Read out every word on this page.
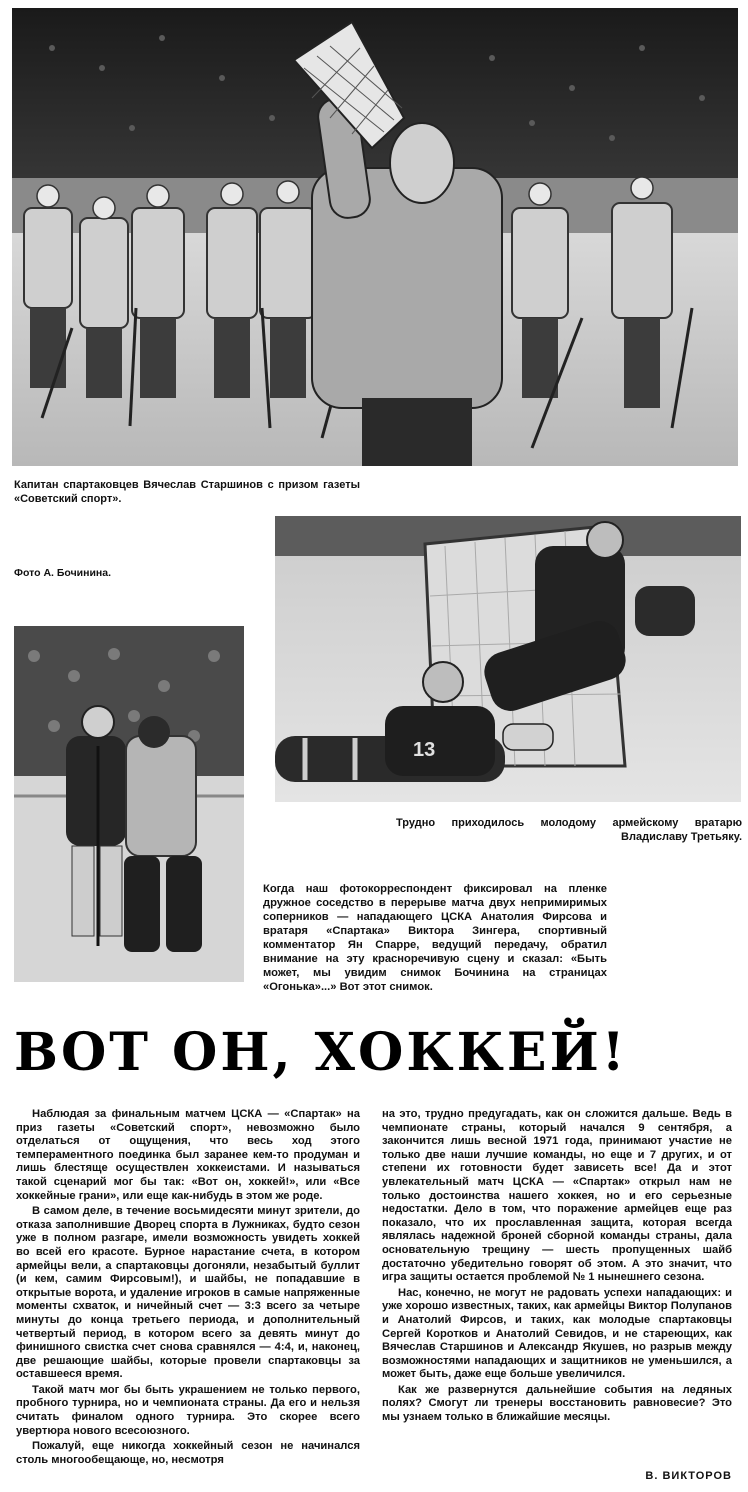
Капитан спартаковцев Вячеслав Старшинов с призом газеты «Советский спорт».
Фото А. Бочинина.
13
Трудно приходилось молодому армейскому вратарю Владиславу Третьяку.
Когда наш фотокорреспондент фиксировал на пленке дружное соседство в перерыве матча двух непримиримых соперников — нападающего ЦСКА Анатолия Фирсова и вратаря «Спартака» Виктора Зингера, спортивный комментатор Ян Спарре, ведущий передачу, обратил внимание на эту красноречивую сцену и сказал: «Быть может, мы увидим снимок Бочинина на страницах «Огонька»...» Вот этот снимок.
ВОТ ОН, ХОККЕЙ!

Наблюдая за финальным матчем ЦСКА — «Спартак» на приз газеты «Советский спорт», невозможно было отделаться от ощущения, что весь ход этого темпераментного поединка был заранее кем-то продуман и лишь блестяще осуществлен хоккеистами. И называться такой сценарий мог бы так: «Вот он, хоккей!», или «Все хоккейные грани», или еще как-нибудь в этом же роде.

В самом деле, в течение восьмидесяти минут зрители, до отказа заполнившие Дворец спорта в Лужниках, будто сезон уже в полном разгаре, имели возможность увидеть хоккей во всей его красоте. Бурное нарастание счета, в котором армейцы вели, а спартаковцы догоняли, незабытый буллит (и кем, самим Фирсовым!), и шайбы, не попадавшие в открытые ворота, и удаление игроков в самые напряженные моменты схваток, и ничейный счет — 3:3 всего за четыре минуты до конца третьего периода, и дополнительный четвертый период, в котором всего за девять минут до финишного свистка счет снова сравнялся — 4:4, и, наконец, две решающие шайбы, которые провели спартаковцы за оставшееся время.

Такой матч мог бы быть украшением не только первого, пробного турнира, но и чемпионата страны. Да его и нельзя считать финалом одного турнира. Это скорее всего увертюра нового всесоюзного.

Пожалуй, еще никогда хоккейный сезон не начинался столь многообещающе, но, несмотря

на это, трудно предугадать, как он сложится дальше. Ведь в чемпионате страны, который начался 9 сентября, а закончится лишь весной 1971 года, принимают участие не только две наши лучшие команды, но еще и 7 других, и от степени их готовности будет зависеть все! Да и этот увлекательный матч ЦСКА — «Спартак» открыл нам не только достоинства нашего хоккея, но и его серьезные недостатки. Дело в том, что поражение армейцев еще раз показало, что их прославленная защита, которая всегда являлась надежной броней сборной команды страны, дала основательную трещину — шесть пропущенных шайб достаточно убедительно говорят об этом. А это значит, что игра защиты остается проблемой № 1 нынешнего сезона.

Нас, конечно, не могут не радовать успехи нападающих: и уже хорошо известных, таких, как армейцы Виктор Полупанов и Анатолий Фирсов, и таких, как молодые спартаковцы Сергей Коротков и Анатолий Севидов, и не стареющих, как Вячеслав Старшинов и Александр Якушев, но разрыв между возможностями нападающих и защитников не уменьшился, а может быть, даже еще больше увеличился.

Как же развернутся дальнейшие события на ледяных полях? Смогут ли тренеры восстановить равновесие? Это мы узнаем только в ближайшие месяцы.

В. ВИКТОРОВ
